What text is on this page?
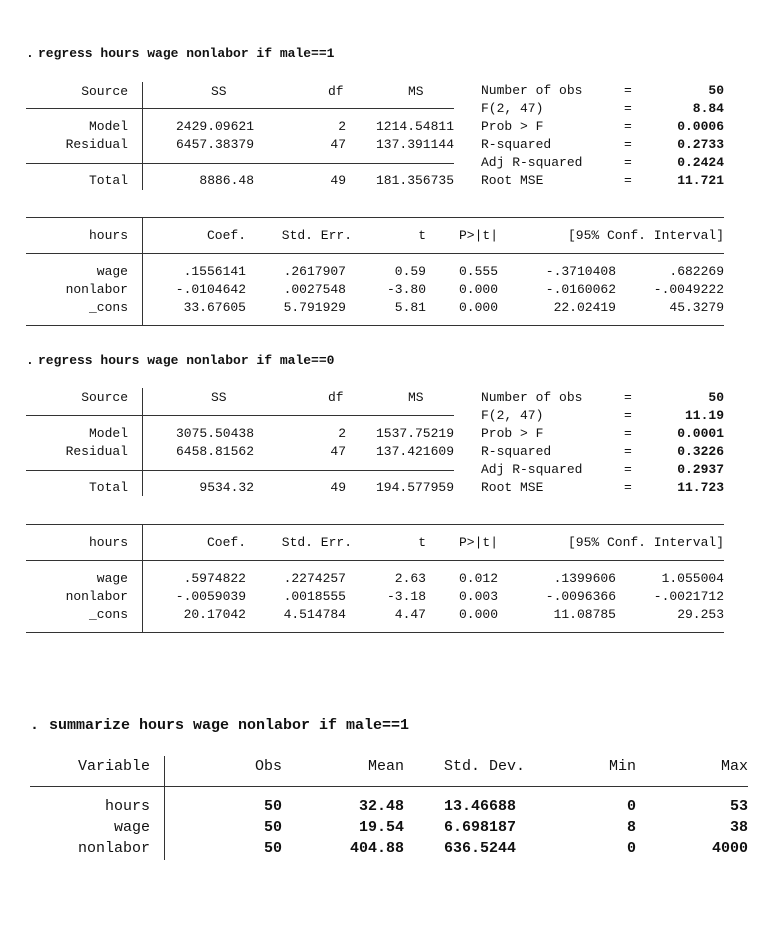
. regress hours wage nonlabor if male==1
Source	SS	df	MS
Model	2429.09621	2	1214.54811
Residual	6457.38379	47	137.391144
Total	8886.48	49	181.356735
Number of obs	=	50
F(2, 47)	=	8.84
Prob > F	=	0.0006
R-squared	=	0.2733
Adj R-squared	=	0.2424
Root MSE	=	11.721
hours	Coef.	Std. Err.	t	P>|t|	[95% Conf. Interval]
wage	.1556141	.2617907	0.59	0.555	-.3710408	.682269
nonlabor	-.0104642	.0027548	-3.80	0.000	-.0160062	-.0049222
_cons	33.67605	5.791929	5.81	0.000	22.02419	45.3279
. regress hours wage nonlabor if male==0
Source	SS	df	MS
Model	3075.50438	2	1537.75219
Residual	6458.81562	47	137.421609
Total	9534.32	49	194.577959
Number of obs	=	50
F(2, 47)	=	11.19
Prob > F	=	0.0001
R-squared	=	0.3226
Adj R-squared	=	0.2937
Root MSE	=	11.723
hours	Coef.	Std. Err.	t	P>|t|	[95% Conf. Interval]
wage	.5974822	.2274257	2.63	0.012	.1399606	1.055004
nonlabor	-.0059039	.0018555	-3.18	0.003	-.0096366	-.0021712
_cons	20.17042	4.514784	4.47	0.000	11.08785	29.253
. summarize hours wage nonlabor if male==1
Variable	Obs	Mean	Std. Dev.	Min	Max
hours	50	32.48	13.46688	0	53
wage	50	19.54	6.698187	8	38
nonlabor	50	404.88	636.5244	0	4000
